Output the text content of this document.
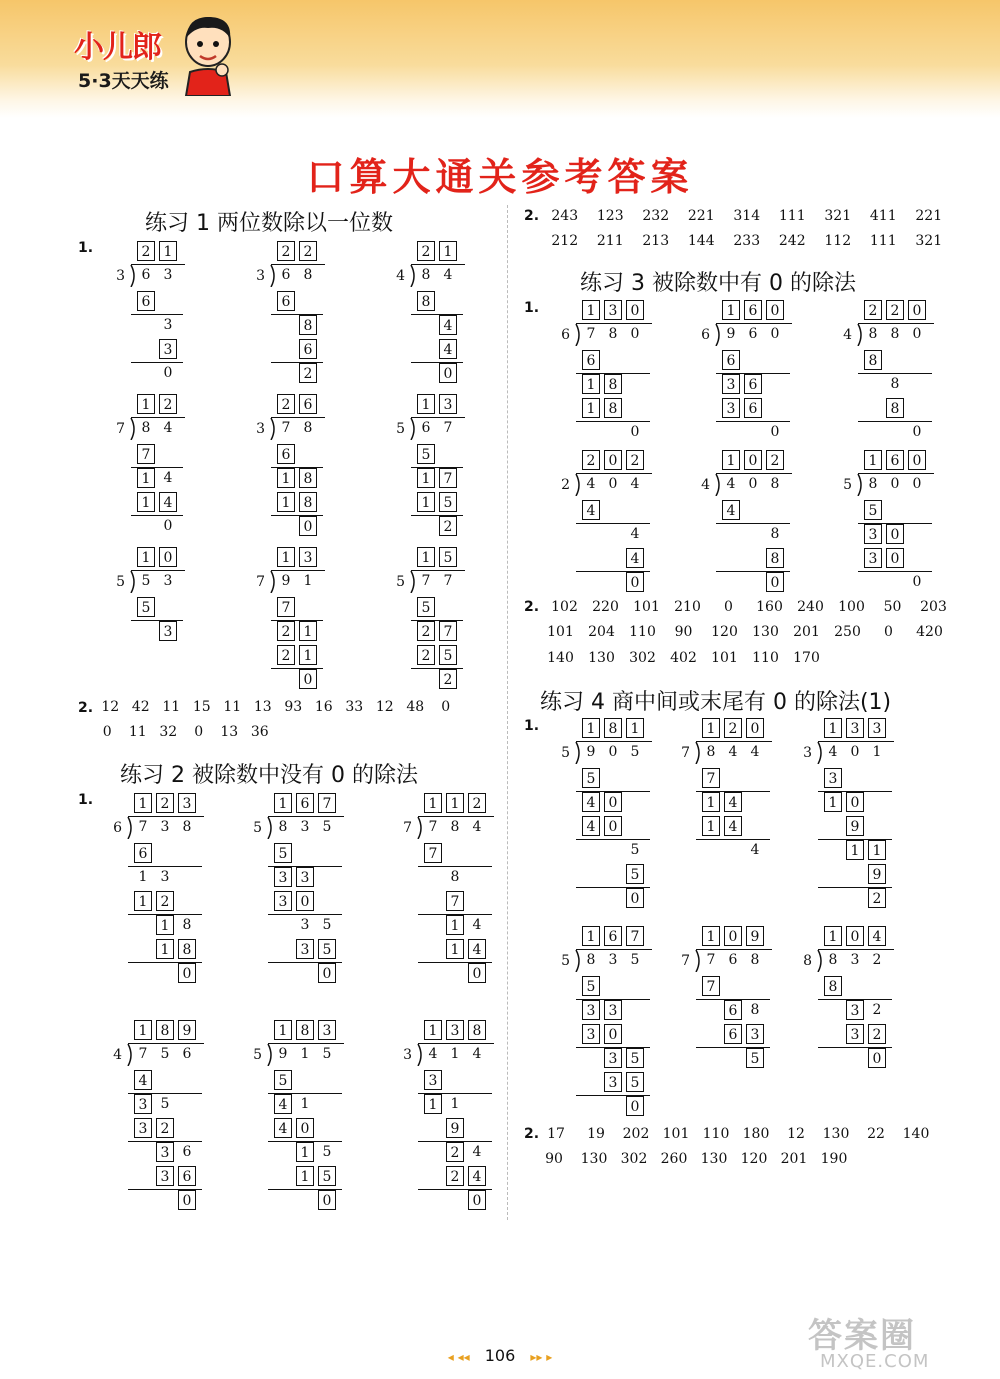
小儿郎
5·3天天练
口算大通关参考答案
练习 1 两位数除以一位数
练习 2 被除数中没有 0 的除法
练习 3 被除数中有 0 的除法
练习 4 商中间或末尾有 0 的除法(1)
1.
2.
1.
2.
1.
2.
1.
2.
2 1
3	6 3
6
3
3
0
2 2
3	6 8
6
8
6
2
2 1
4	8 4
8
4
4
0
1 2
7	8 4
7
1 4
1 4
0
2 6
3	7 8
6
1 8
1 8
0
1 3
5	6 7
5
1 7
1 5
2
1 0
5	5 3
5
3
1 3
7	9 1
7
2 1
2 1
0
1 5
5	7 7
5
2 7
2 5
2
1 2 3
6	7 3 8
6
1 3
1 2
1 8
1 8
0
1 6 7
5	8 3 5
5
3 3
3 0
3 5
3 5
0
1 1 2
7	7 8 4
7
8
7
1 4
1 4
0
1 8 9
4	7 5 6
4
3 5
3 2
3 6
3 6
0
1 8 3
5	9 1 5
5
4 1
4 0
1 5
1 5
0
1 3 8
3	4 1 4
3
1 1
9
2 4
2 4
0
1 3 0
6	7 8 0
6
1 8
1 8
0
1 6 0
6	9 6 0
6
3 6
3 6
0
2 2 0
4	8 8 0
8
8
8
0
2 0 2
2	4 0 4
4
4
4
0
1 0 2
4	4 0 8
4
8
8
0
1 6 0
5	8 0 0
5
3 0
3 0
0
1 8 1
5	9 0 5
5
4 0
4 0
5
5
0
1 2 0
7	8 4 4
7
1 4
1 4
4
1 3 3
3	4 0 1
3
1 0
9
1 1
9
2
1 6 7
5	8 3 5
5
3 3
3 0
3 5
3 5
0
1 0 9
7	7 6 8
7
6 8
6 3
5
1 0 4
8	8 3 2
8
3 2
3 2
0
12 42 11 15 11 13 93 16 33 12 48 0
0 11 32 0 13 36
243 123 232 221 314 111 321 411 221
212 211 213 144 233 242 112 111 321
102 220 101 210 0 160 240 100 50 203
101 204 110 90 120 130 201 250 0 420
140 130 302 402 101 110 170
17 19 202 101 110 180 12 130 22 140
90 130 302 260 130 120 201 190
◂ ◂◂ 106 ▸▸ ▸
答案圈
MXQE.COM
